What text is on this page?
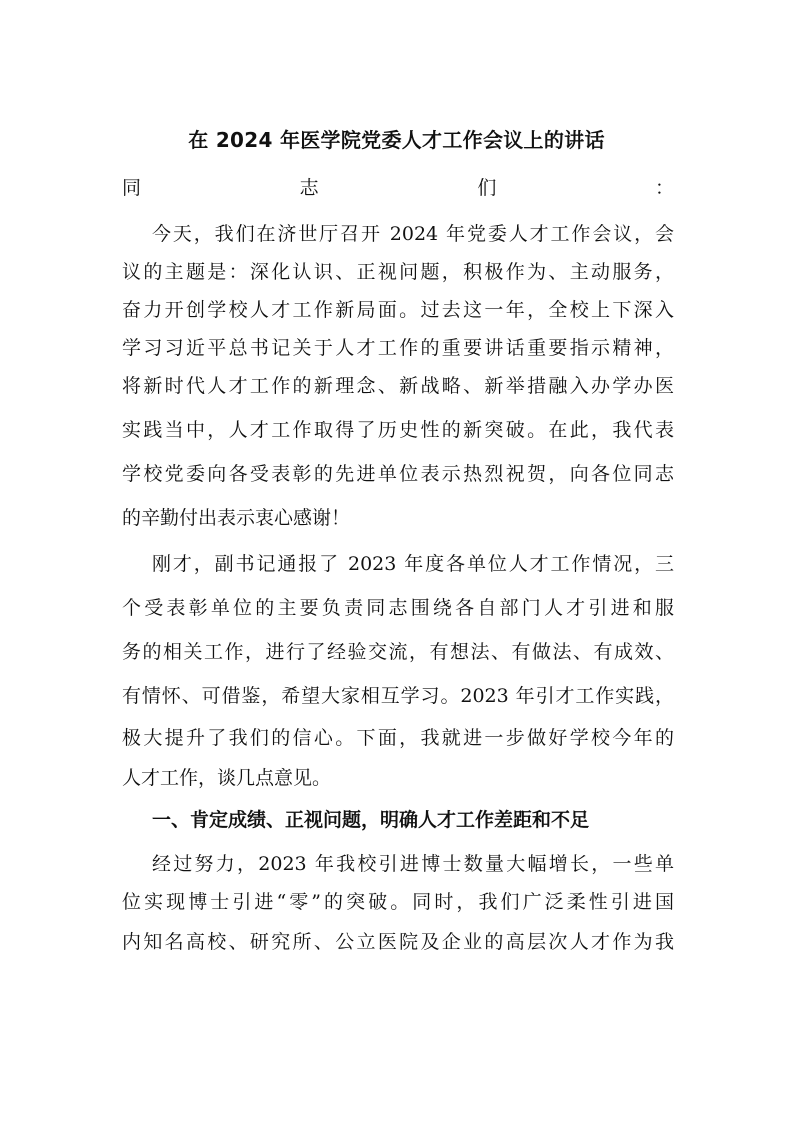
在 2024 年医学院党委人才工作会议上的讲话
同志们：
今天，我们在济世厅召开 2024 年党委人才工作会议，会
议的主题是：深化认识、正视问题，积极作为、主动服务，
奋力开创学校人才工作新局面。过去这一年，全校上下深入
学习习近平总书记关于人才工作的重要讲话重要指示精神，
将新时代人才工作的新理念、新战略、新举措融入办学办医
实践当中，人才工作取得了历史性的新突破。在此，我代表
学校党委向各受表彰的先进单位表示热烈祝贺，向各位同志
的辛勤付出表示衷心感谢！
刚才，副书记通报了 2023 年度各单位人才工作情况，三
个受表彰单位的主要负责同志围绕各自部门人才引进和服
务的相关工作，进行了经验交流，有想法、有做法、有成效、
有情怀、可借鉴，希望大家相互学习。2023 年引才工作实践，
极大提升了我们的信心。下面，我就进一步做好学校今年的
人才工作，谈几点意见。
一、肯定成绩、正视问题，明确人才工作差距和不足
经过努力，2023 年我校引进博士数量大幅增长，一些单
位实现博士引进“零”的突破。同时，我们广泛柔性引进国
内知名高校、研究所、公立医院及企业的高层次人才作为我
